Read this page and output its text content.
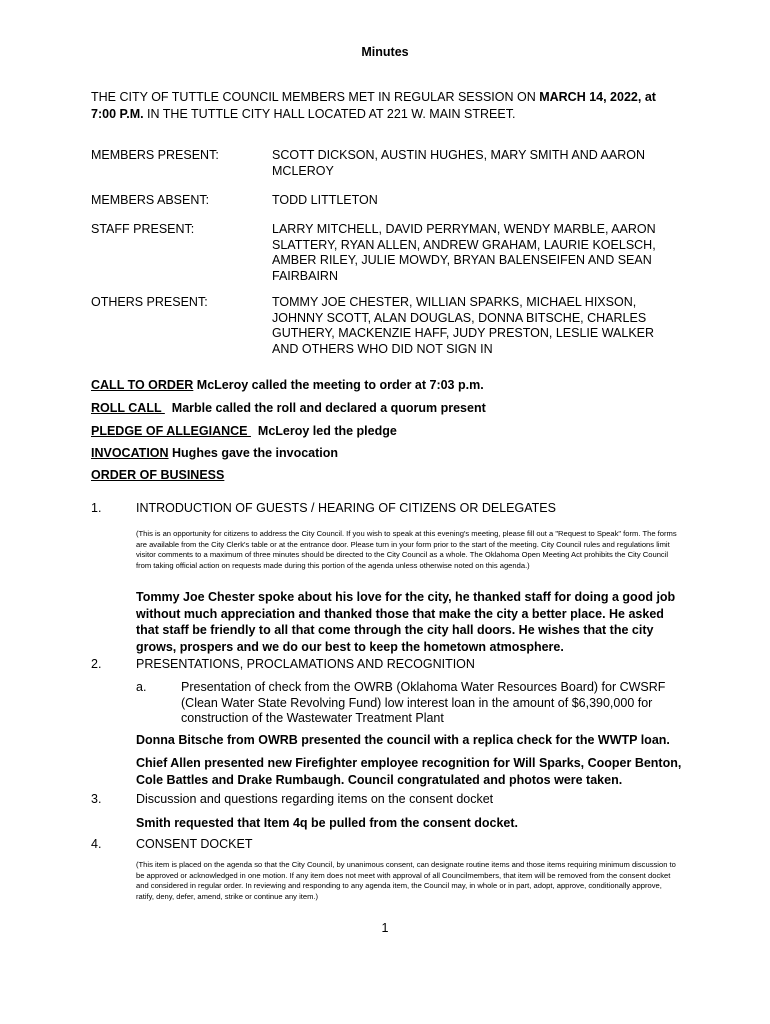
Minutes
THE CITY OF TUTTLE COUNCIL MEMBERS MET IN REGULAR SESSION ON MARCH 14, 2022, at 7:00 P.M. IN THE TUTTLE CITY HALL LOCATED AT 221 W. MAIN STREET.
MEMBERS PRESENT:	SCOTT DICKSON, AUSTIN HUGHES, MARY SMITH AND AARON MCLEROY
MEMBERS ABSENT:	TODD LITTLETON
STAFF PRESENT:	LARRY MITCHELL, DAVID PERRYMAN, WENDY MARBLE, AARON SLATTERY, RYAN ALLEN, ANDREW GRAHAM, LAURIE KOELSCH, AMBER RILEY, JULIE MOWDY, BRYAN BALENSEIFEN AND SEAN FAIRBAIRN
OTHERS PRESENT:	TOMMY JOE CHESTER, WILLIAN SPARKS, MICHAEL HIXSON, JOHNNY SCOTT, ALAN DOUGLAS, DONNA BITSCHE, CHARLES GUTHERY, MACKENZIE HAFF, JUDY PRESTON, LESLIE WALKER AND OTHERS WHO DID NOT SIGN IN
CALL TO ORDER McLeroy called the meeting to order at 7:03 p.m.
ROLL CALL   Marble called the roll and declared a quorum present
PLEDGE OF ALLEGIANCE   McLeroy led the pledge
INVOCATION Hughes gave the invocation
ORDER OF BUSINESS
1.	INTRODUCTION OF GUESTS / HEARING OF CITIZENS OR DELEGATES
(This is an opportunity for citizens to address the City Council. If you wish to speak at this evening's meeting, please fill out a "Request to Speak" form. The forms are available from the City Clerk's table or at the entrance door. Please turn in your form prior to the start of the meeting. City Council rules and regulations limit visitor comments to a maximum of three minutes should be directed to the City Council as a whole. The Oklahoma Open Meeting Act prohibits the City Council from taking official action on requests made during this portion of the agenda unless otherwise noted on this agenda.)
Tommy Joe Chester spoke about his love for the city, he thanked staff for doing a good job without much appreciation and thanked those that make the city a better place. He asked that staff be friendly to all that come through the city hall doors. He wishes that the city grows, prospers and we do our best to keep the hometown atmosphere.
2.	PRESENTATIONS, PROCLAMATIONS AND RECOGNITION
a.	Presentation of check from the OWRB (Oklahoma Water Resources Board) for CWSRF (Clean Water State Revolving Fund) low interest loan in the amount of $6,390,000 for construction of the Wastewater Treatment Plant
Donna Bitsche from OWRB presented the council with a replica check for the WWTP loan.
Chief Allen presented new Firefighter employee recognition for Will Sparks, Cooper Benton, Cole Battles and Drake Rumbaugh. Council congratulated and photos were taken.
3.	Discussion and questions regarding items on the consent docket
Smith requested that Item 4q be pulled from the consent docket.
4.	CONSENT DOCKET
(This item is placed on the agenda so that the City Council, by unanimous consent, can designate routine items and those items requiring minimum discussion to be approved or acknowledged in one motion. If any item does not meet with approval of all Councilmembers, that item will be removed from the consent docket and considered in regular order. In reviewing and responding to any agenda item, the Council may, in whole or in part, adopt, approve, conditionally approve, ratify, deny, defer, amend, strike or continue any item.)
1
